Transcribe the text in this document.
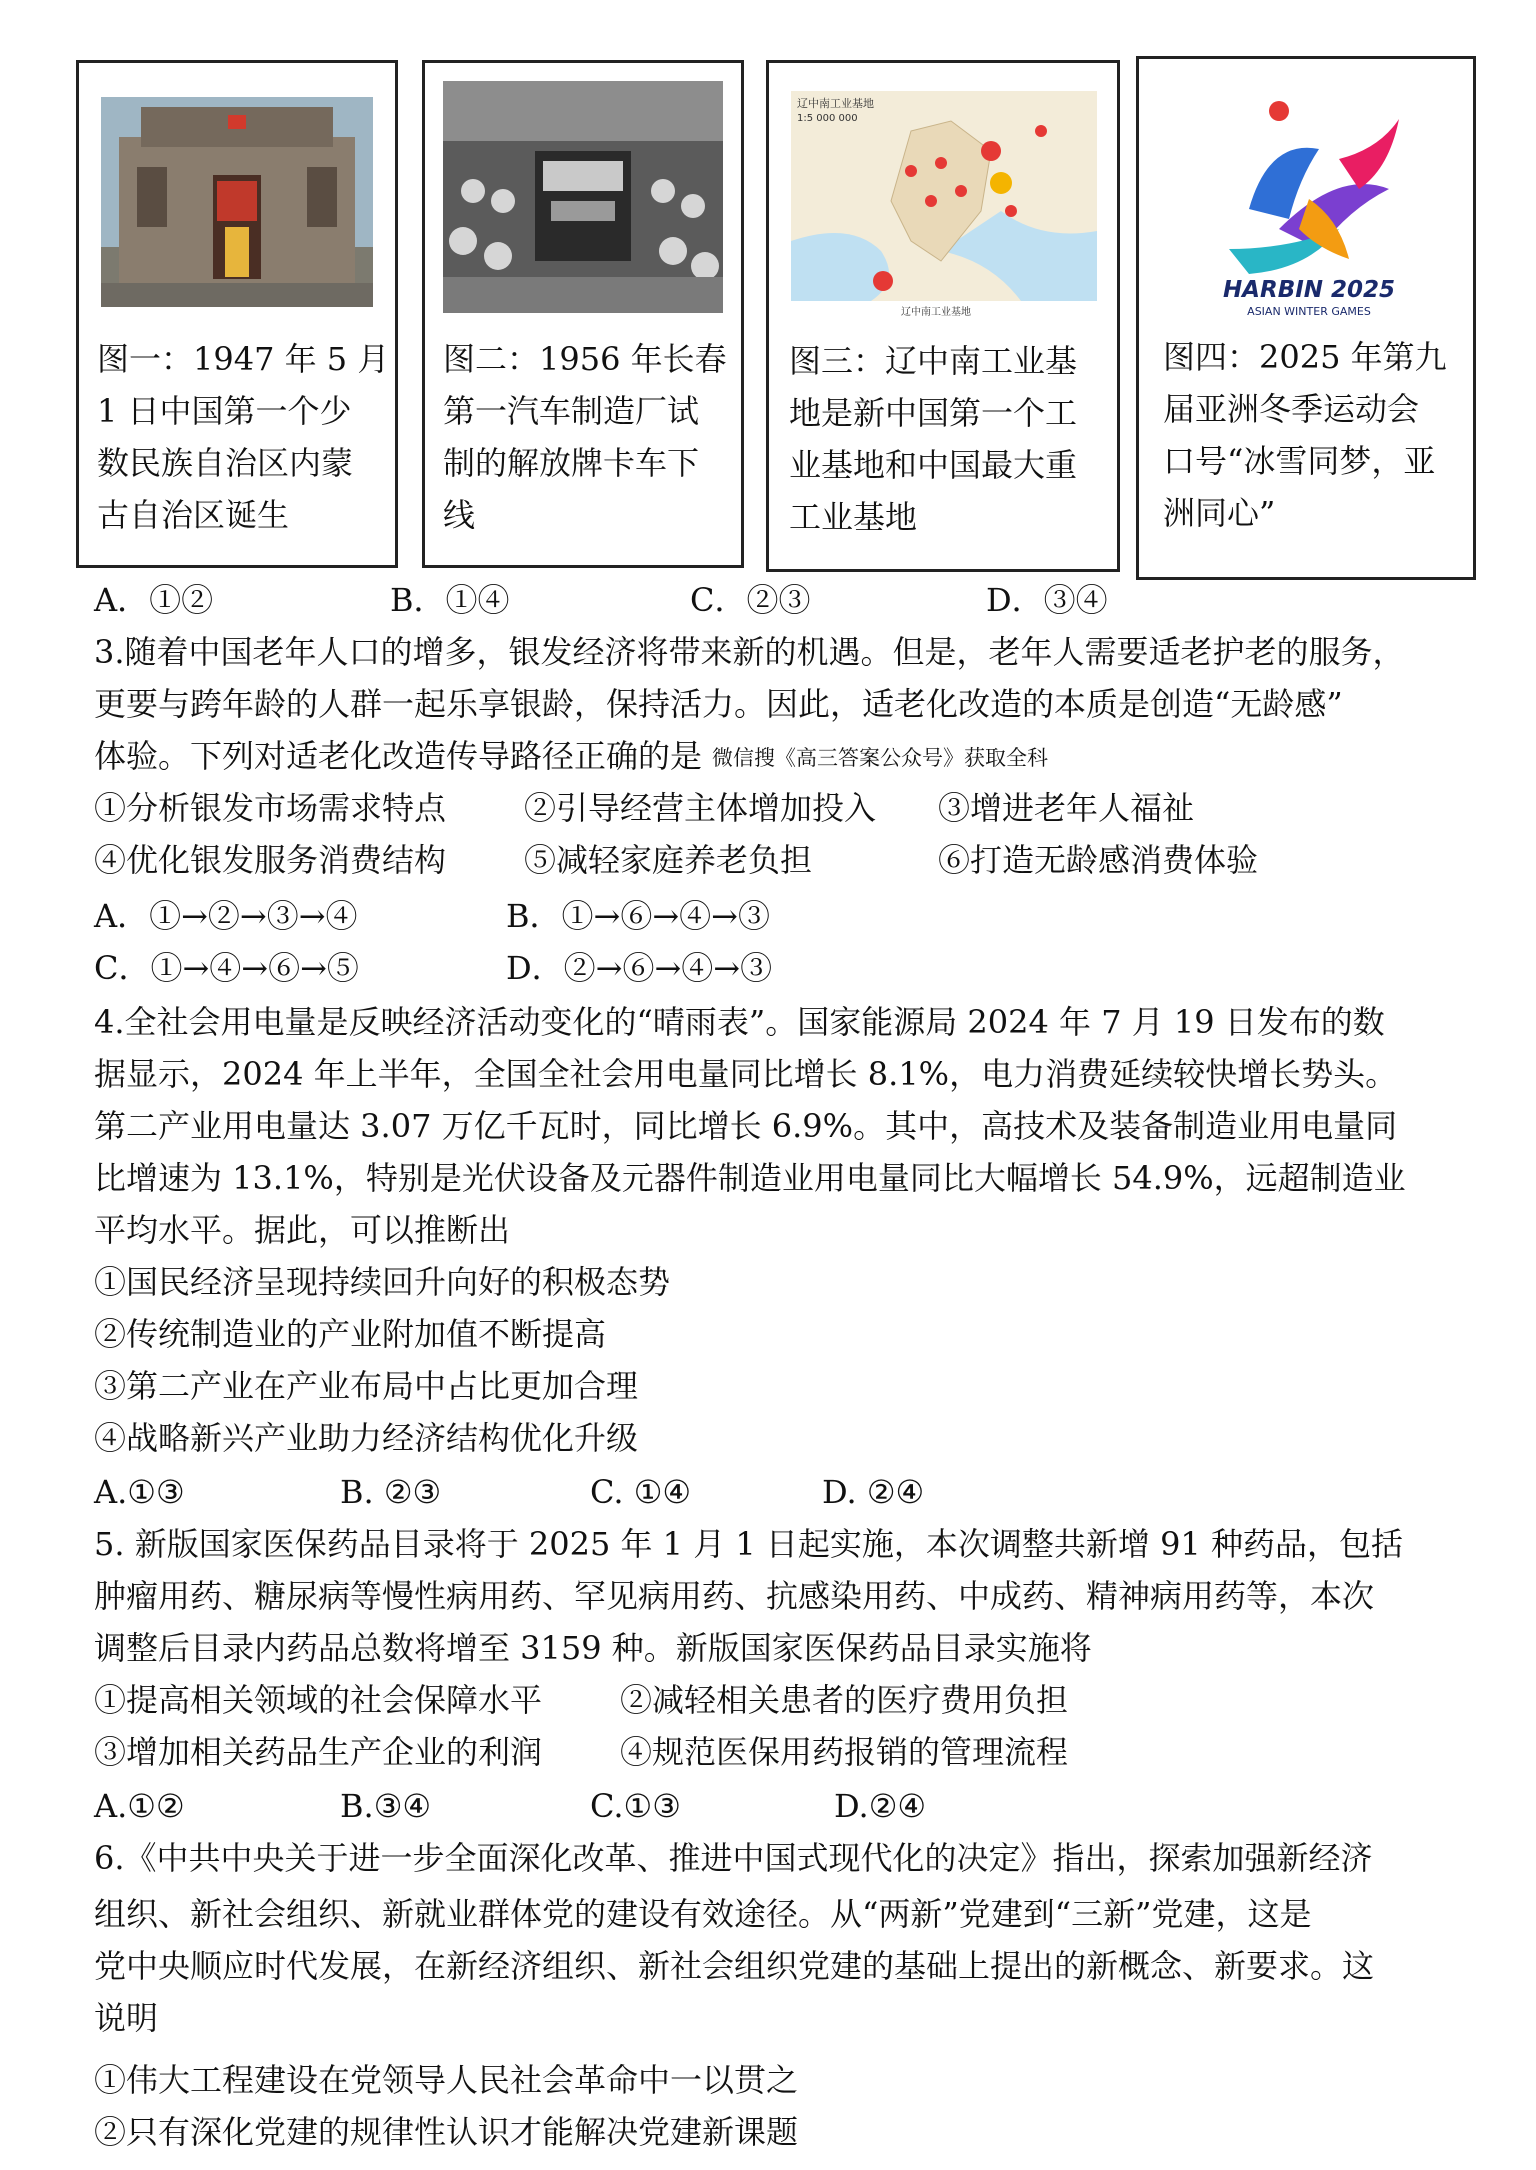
图一：1947 年 5 月
1 日中国第一个少
数民族自治区内蒙
古自治区诞生
图二：1956 年长春
第一汽车制造厂试
制的解放牌卡车下
线
辽中南工业基地
1:5 000 000
辽中南工业基地
图三：辽中南工业基
地是新中国第一个工
业基地和中国最大重
工业基地
HARBIN 2025
ASIAN WINTER GAMES
图四：2025 年第九
届亚洲冬季运动会
口号“冰雪同梦，亚
洲同心”
A．①②	B．①④	C．②③	D．③④
3.随着中国老年人口的增多，银发经济将带来新的机遇。但是，老年人需要适老护老的服务，
更要与跨年龄的人群一起乐享银龄，保持活力。因此，适老化改造的本质是创造“无龄感”
体验。下列对适老化改造传导路径正确的是 微信搜《高三答案公众号》获取全科
①分析银发市场需求特点 ②引导经营主体增加投入 ③增进老年人福祉
④优化银发服务消费结构 ⑤减轻家庭养老负担	⑥打造无龄感消费体验
A．①→②→③→④	B．①→⑥→④→③
C．①→④→⑥→⑤	D．②→⑥→④→③
4.全社会用电量是反映经济活动变化的“晴雨表”。国家能源局 2024 年 7 月 19 日发布的数
据显示，2024 年上半年，全国全社会用电量同比增长 8.1%，电力消费延续较快增长势头。
第二产业用电量达 3.07 万亿千瓦时，同比增长 6.9%。其中，高技术及装备制造业用电量同
比增速为 13.1%，特别是光伏设备及元器件制造业用电量同比大幅增长 54.9%，远超制造业
平均水平。据此，可以推断出
①国民经济呈现持续回升向好的积极态势
②传统制造业的产业附加值不断提高
③第二产业在产业布局中占比更加合理
④战略新兴产业助力经济结构优化升级
A.①③	B. ②③	C. ①④	D. ②④
5. 新版国家医保药品目录将于 2025 年 1 月 1 日起实施，本次调整共新增 91 种药品，包括
肿瘤用药、糖尿病等慢性病用药、罕见病用药、抗感染用药、中成药、精神病用药等，本次
调整后目录内药品总数将增至 3159 种。新版国家医保药品目录实施将
①提高相关领域的社会保障水平 ②减轻相关患者的医疗费用负担
③增加相关药品生产企业的利润 ④规范医保用药报销的管理流程
A.①②	B.③④	C.①③	D.②④
6.《中共中央关于进一步全面深化改革、推进中国式现代化的决定》指出，探索加强新经济
组织、新社会组织、新就业群体党的建设有效途径。从“两新”党建到“三新”党建，这是
党中央顺应时代发展，在新经济组织、新社会组织党建的基础上提出的新概念、新要求。这
说明
①伟大工程建设在党领导人民社会革命中一以贯之
②只有深化党建的规律性认识才能解决党建新课题
